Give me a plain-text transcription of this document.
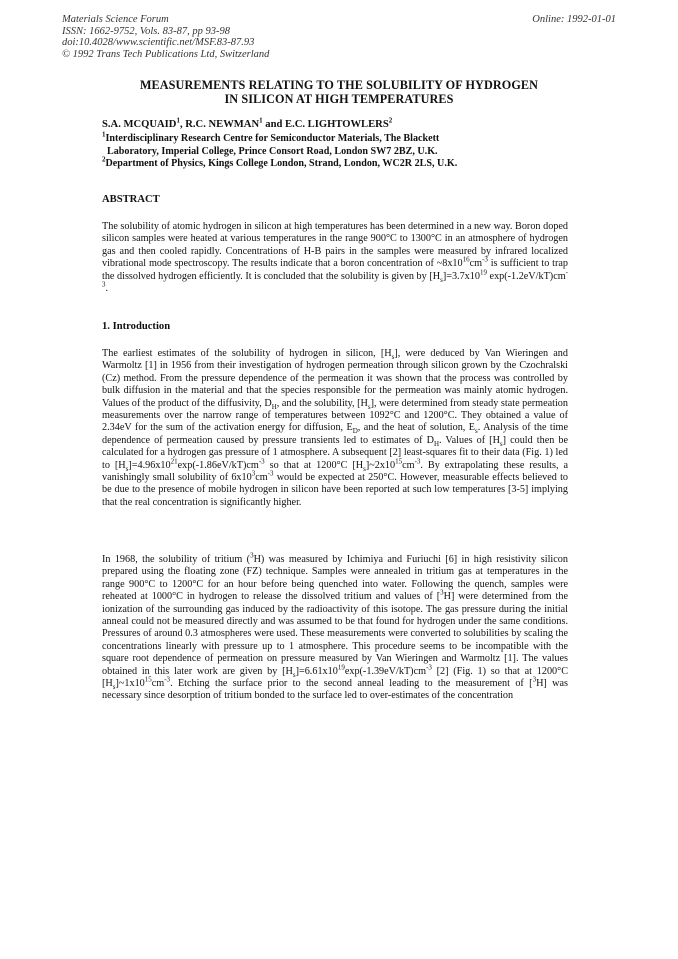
Materials Science Forum
ISSN: 1662-9752, Vols. 83-87, pp 93-98
doi:10.4028/www.scientific.net/MSF.83-87.93
© 1992 Trans Tech Publications Ltd, Switzerland
Online: 1992-01-01
MEASUREMENTS RELATING TO THE SOLUBILITY OF HYDROGEN
IN SILICON AT HIGH TEMPERATURES
S.A. MCQUAID$^1$, R.C. NEWMAN$^1$ and E.C. LIGHTOWLERS$^2$
$^1$Interdisciplinary Research Centre for Semiconductor Materials, The Blackett
Laboratory, Imperial College, Prince Consort Road, London SW7 2BZ, U.K.
$^2$Department of Physics, Kings College London, Strand, London, WC2R 2LS, U.K.
ABSTRACT
The solubility of atomic hydrogen in silicon at high temperatures has been determined in a new way. Boron doped silicon samples were heated at various temperatures in the range 900°C to 1300°C in an atmosphere of hydrogen gas and then cooled rapidly. Concentrations of H-B pairs in the samples were measured by infrared localized vibrational mode spectroscopy. The results indicate that a boron concentration of $\sim 8x10^{16}cm^{-3}$ is sufficient to trap the dissolved hydrogen efficiently. It is concluded that the solubility is given by $[H_s]=3.7x10^{19}$ $\exp(-1.2eV/kT)cm^{-3}$.
1. Introduction
The earliest estimates of the solubility of hydrogen in silicon, $[H_s]$, were deduced by Van Wieringen and Warmoltz [1] in 1956 from their investigation of hydrogen permeation through silicon grown by the Czochralski (Cz) method. From the pressure dependence of the permeation it was shown that the process was controlled by bulk diffusion in the material and that the species responsible for the permeation was mainly atomic hydrogen. Values of the product of the diffusivity, $D_H$, and the solubility, $[H_s]$, were determined from steady state permeation measurements over the narrow range of temperatures between 1092°C and 1200°C. They obtained a value of 2.34eV for the sum of the activation energy for diffusion, $E_D$, and the heat of solution, $E_s$. Analysis of the time dependence of permeation caused by pressure transients led to estimates of $D_H$. Values of $[H_s]$ could then be calculated for a hydrogen gas pressure of 1 atmosphere. A subsequent [2] least-squares fit to their data (Fig. 1) led to $[H_s]=4.96x10^{21}\exp(-1.86eV/kT)cm^{-3}$ so that at 1200°C $[H_s]\sim 2x10^{15}cm^{-3}$. By extrapolating these results, a vanishingly small solubility of $6x10^3cm^{-3}$ would be expected at 250°C. However, measurable effects believed to be due to the presence of mobile hydrogen in silicon have been reported at such low temperatures [3-5] implying that the real concentration is significantly higher.
In 1968, the solubility of tritium ($^3$H) was measured by Ichimiya and Furiuchi [6] in high resistivity silicon prepared using the floating zone (FZ) technique. Samples were annealed in tritium gas at temperatures in the range 900°C to 1200°C for an hour before being quenched into water. Following the quench, samples were reheated at 1000°C in hydrogen to release the dissolved tritium and values of [$^3$H] were determined from the ionization of the surrounding gas induced by the radioactivity of this isotope. The gas pressure during the initial anneal could not be measured directly and was assumed to be that found for hydrogen under the same conditions. Pressures of around 0.3 atmospheres were used. These measurements were converted to solubilities by scaling the concentrations linearly with pressure up to 1 atmosphere. This procedure seems to be incompatible with the square root dependence of permeation on pressure measured by Van Wieringen and Warmoltz [1]. The values obtained in this later work are given by $[H_s]=6.61x10^{19}\exp(-1.39eV/kT)cm^{-3}$ [2] (Fig. 1) so that at 1200°C $[H_s]\sim 1x10^{15}cm^{-3}$. Etching the surface prior to the second anneal leading to the measurement of [$^3$H] was necessary since desorption of tritium bonded to the surface led to over-estimates of the concentration
